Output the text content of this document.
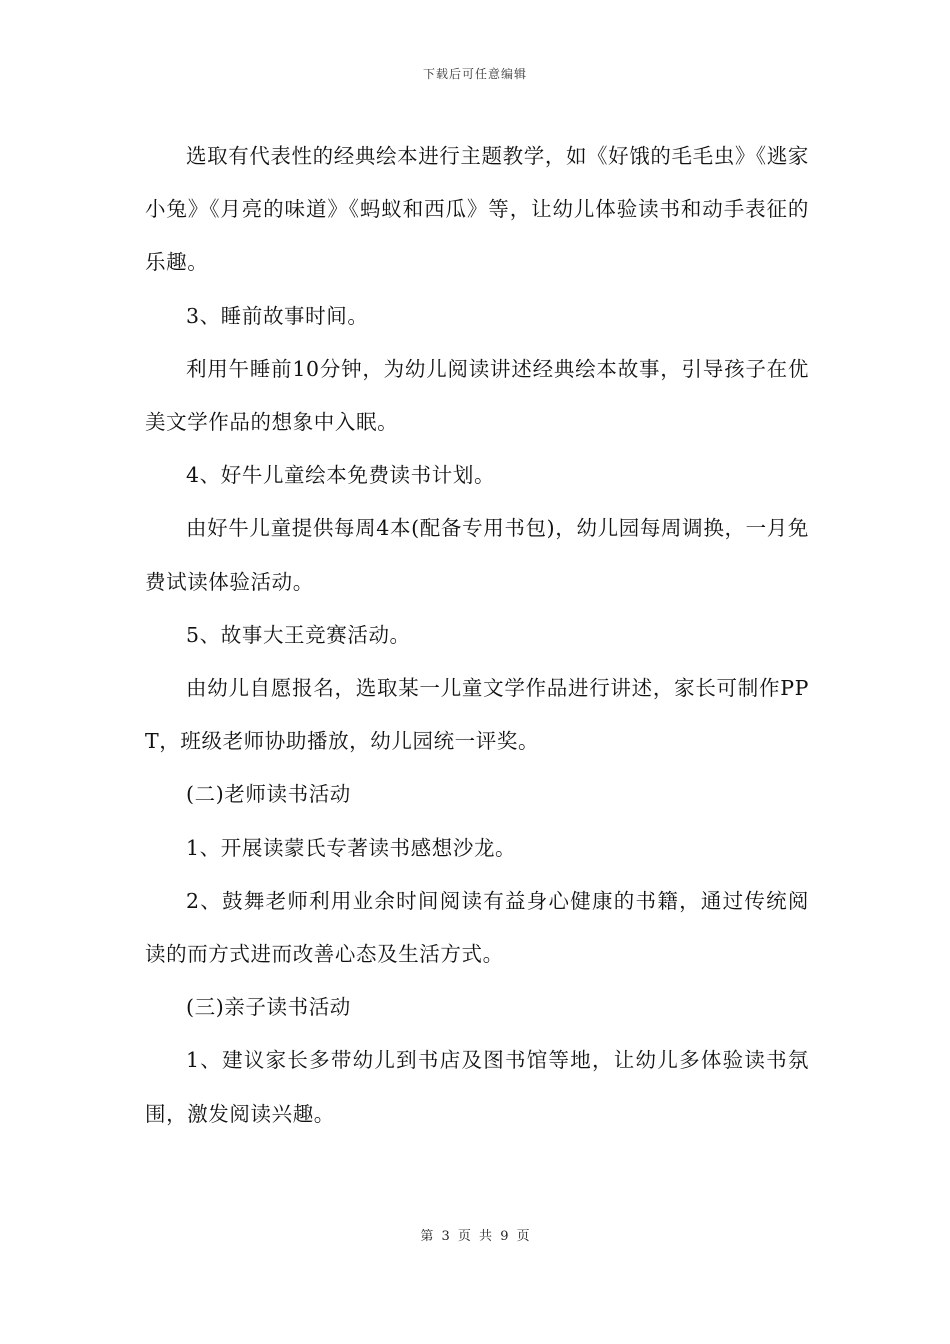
下载后可任意编辑

选取有代表性的经典绘本进行主题教学，如《好饿的毛毛虫》《逃家小兔》《月亮的味道》《蚂蚁和西瓜》等，让幼儿体验读书和动手表征的乐趣。

3、睡前故事时间。

利用午睡前10分钟，为幼儿阅读讲述经典绘本故事，引导孩子在优美文学作品的想象中入眠。

4、好牛儿童绘本免费读书计划。

由好牛儿童提供每周4本(配备专用书包)，幼儿园每周调换，一月免费试读体验活动。

5、故事大王竞赛活动。

由幼儿自愿报名，选取某一儿童文学作品进行讲述，家长可制作PPT，班级老师协助播放，幼儿园统一评奖。

(二)老师读书活动

1、开展读蒙氏专著读书感想沙龙。

2、鼓舞老师利用业余时间阅读有益身心健康的书籍，通过传统阅读的而方式进而改善心态及生活方式。

(三)亲子读书活动

1、建议家长多带幼儿到书店及图书馆等地，让幼儿多体验读书氛围，激发阅读兴趣。

第 3 页 共 9 页
